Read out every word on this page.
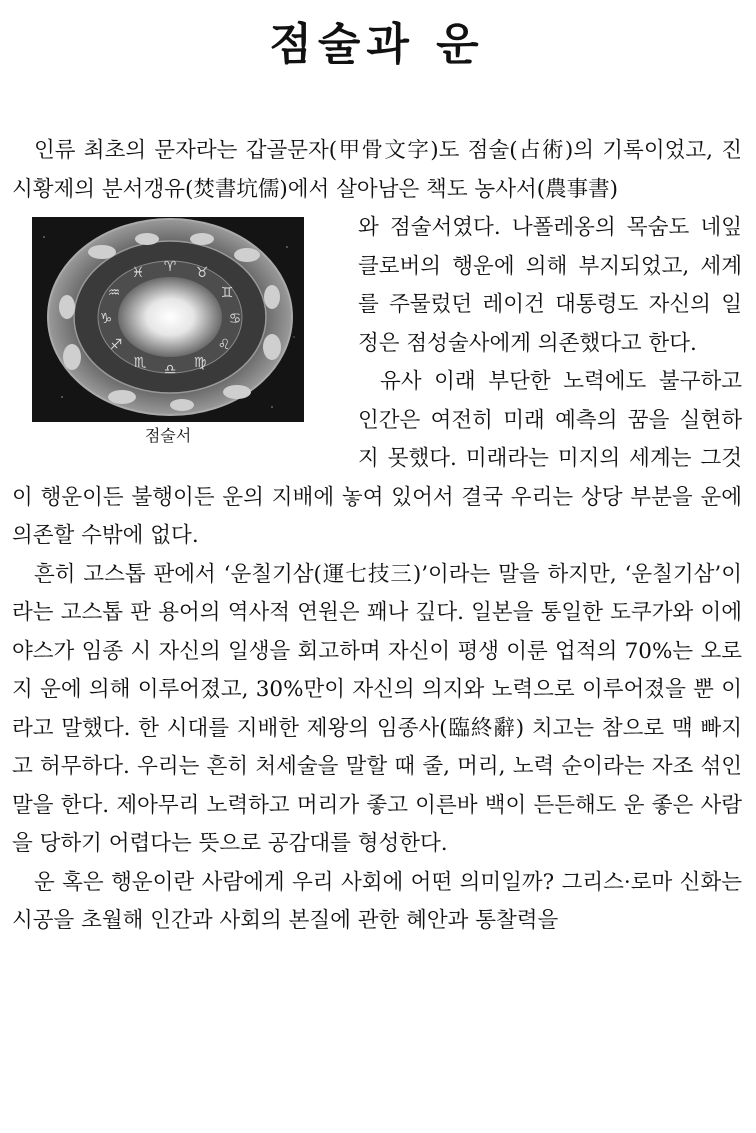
점술과 운

인류 최초의 문자라는 갑골문자(甲骨文字)도 점술(占術)의 기록이었고, 진시황제의 분서갱유(焚書坑儒)에서 살아남은 책도 농사서(農事書)

♈ ♉
♊
♋
♌
♍
♎
♏
♐
♑
♒
♓
점술서

와 점술서였다. 나폴레옹의 목숨도 네잎클로버의 행운에 의해 부지되었고, 세계를 주물렀던 레이건 대통령도 자신의 일정은 점성술사에게 의존했다고 한다.

유사 이래 부단한 노력에도 불구하고 인간은 여전히 미래 예측의 꿈을 실현하지 못했다. 미래라는 미지의 세계는 그것이 행운이든 불행이든 운의 지배에 놓여 있어서 결국 우리는 상당 부분을 운에 의존할 수밖에 없다.

흔히 고스톱 판에서 ‘운칠기삼(運七技三)’이라는 말을 하지만, ‘운칠기삼’이라는 고스톱 판 용어의 역사적 연원은 꽤나 깊다. 일본을 통일한 도쿠가와 이에야스가 임종 시 자신의 일생을 회고하며 자신이 평생 이룬 업적의 70%는 오로지 운에 의해 이루어졌고, 30%만이 자신의 의지와 노력으로 이루어졌을 뿐 이라고 말했다. 한 시대를 지배한 제왕의 임종사(臨終辭) 치고는 참으로 맥 빠지고 허무하다. 우리는 흔히 처세술을 말할 때 줄, 머리, 노력 순이라는 자조 섞인 말을 한다. 제아무리 노력하고 머리가 좋고 이른바 백이 든든해도 운 좋은 사람을 당하기 어렵다는 뜻으로 공감대를 형성한다.

운 혹은 행운이란 사람에게 우리 사회에 어떤 의미일까? 그리스·로마 신화는 시공을 초월해 인간과 사회의 본질에 관한 혜안과 통찰력을
